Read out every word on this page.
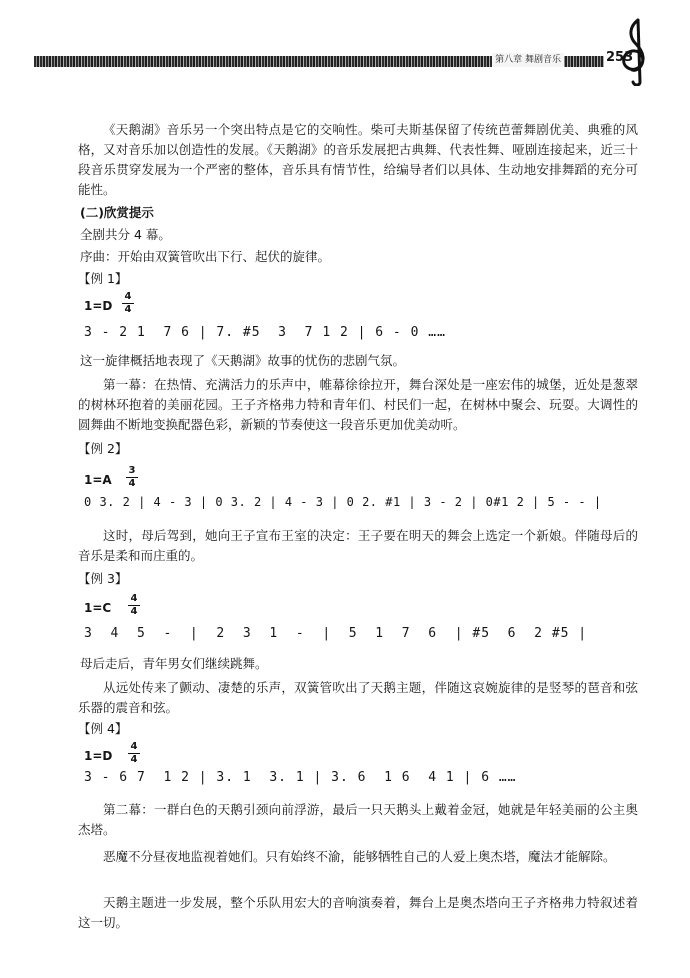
第八章 舞剧音乐	253

《天鹅湖》音乐另一个突出特点是它的交响性。柴可夫斯基保留了传统芭蕾舞剧优美、典雅的风格，又对音乐加以创造性的发展。《天鹅湖》的音乐发展把古典舞、代表性舞、哑剧连接起来，近三十段音乐贯穿发展为一个严密的整体，音乐具有情节性，给编导者们以具体、生动地安排舞蹈的充分可能性。

(二)欣赏提示
全剧共分 4 幕。
序曲：开始由双簧管吹出下行、起伏的旋律。
【例 1】
1=D
4
4
3 - 2 1  7 6 | 7. #5  3  7 1 2 | 6 - 0 ……
这一旋律概括地表现了《天鹅湖》故事的忧伤的悲剧气氛。

第一幕：在热情、充满活力的乐声中，帷幕徐徐拉开，舞台深处是一座宏伟的城堡，近处是葱翠的树林环抱着的美丽花园。王子齐格弗力特和青年们、村民们一起，在树林中聚会、玩耍。大调性的圆舞曲不断地变换配器色彩，新颖的节奏使这一段音乐更加优美动听。

【例 2】
1=A
3
4
0 3. 2 | 4 - 3 | 0 3. 2 | 4 - 3 | 0 2. #1 | 3 - 2 | 0#1 2 | 5 - - |

这时，母后驾到，她向王子宣布王室的决定：王子要在明天的舞会上选定一个新娘。伴随母后的音乐是柔和而庄重的。

【例 3】
1=C
4
4
3  4  5  -  |  2  3  1  -  |  5  1  7  6  | #5  6  2 #5 |
母后走后，青年男女们继续跳舞。

从远处传来了颤动、凄楚的乐声，双簧管吹出了天鹅主题，伴随这哀婉旋律的是竖琴的琶音和弦乐器的震音和弦。

【例 4】
1=D
4
4
3 - 6 7  1 2 | 3. 1  3. 1 | 3. 6  1 6  4 1 | 6 ……

第二幕：一群白色的天鹅引颈向前浮游，最后一只天鹅头上戴着金冠，她就是年轻美丽的公主奥杰塔。

恶魔不分昼夜地监视着她们。只有始终不渝，能够牺牲自己的人爱上奥杰塔，魔法才能解除。

天鹅主题进一步发展，整个乐队用宏大的音响演奏着，舞台上是奥杰塔向王子齐格弗力特叙述着这一切。
